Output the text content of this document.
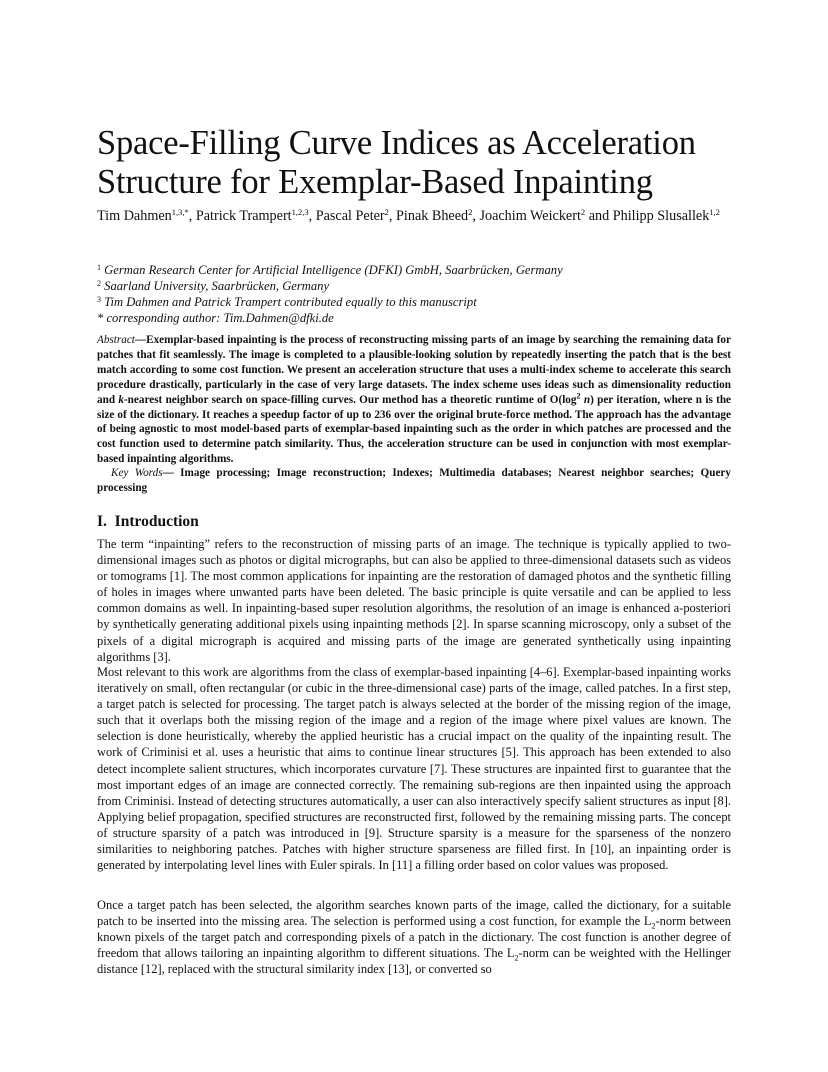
Space-Filling Curve Indices as Acceleration Structure for Exemplar-Based Inpainting
Tim Dahmen$^{1,3,*}$, Patrick Trampert$^{1,2,3}$, Pascal Peter$^2$, Pinak Bheed$^2$, Joachim Weickert$^2$ and Philipp Slusallek$^{1,2}$
$^1$ German Research Center for Artificial Intelligence (DFKI) GmbH, Saarbrücken, Germany
$^2$ Saarland University, Saarbrücken, Germany
$^3$ Tim Dahmen and Patrick Trampert contributed equally to this manuscript
* corresponding author: Tim.Dahmen@dfki.de
Abstract—Exemplar-based inpainting is the process of reconstructing missing parts of an image by searching the remaining data for patches that fit seamlessly. The image is completed to a plausible-looking solution by repeatedly inserting the patch that is the best match according to some cost function. We present an acceleration structure that uses a multi-index scheme to accelerate this search procedure drastically, particularly in the case of very large datasets. The index scheme uses ideas such as dimensionality reduction and k-nearest neighbor search on space-filling curves. Our method has a theoretic runtime of $O(\log^2$ n) per iteration, where n is the size of the dictionary. It reaches a speedup factor of up to 236 over the original brute-force method. The approach has the advantage of being agnostic to most model-based parts of exemplar-based inpainting such as the order in which patches are processed and the cost function used to determine patch similarity. Thus, the acceleration structure can be used in conjunction with most exemplar-based inpainting algorithms.
Key Words— Image processing; Image reconstruction; Indexes; Multimedia databases; Nearest neighbor searches; Query processing
I. Introduction

The term “inpainting” refers to the reconstruction of missing parts of an image. The technique is typically applied to two-dimensional images such as photos or digital micrographs, but can also be applied to three-dimensional datasets such as videos or tomograms [1]. The most common applications for inpainting are the restoration of damaged photos and the synthetic filling of holes in images where unwanted parts have been deleted. The basic principle is quite versatile and can be applied to less common domains as well. In inpainting-based super resolution algorithms, the resolution of an image is enhanced a-posteriori by synthetically generating additional pixels using inpainting methods [2]. In sparse scanning microscopy, only a subset of the pixels of a digital micrograph is acquired and missing parts of the image are generated synthetically using inpainting algorithms [3].

Most relevant to this work are algorithms from the class of exemplar-based inpainting [4–6]. Exemplar-based inpainting works iteratively on small, often rectangular (or cubic in the three-dimensional case) parts of the image, called patches. In a first step, a target patch is selected for processing. The target patch is always selected at the border of the missing region of the image, such that it overlaps both the missing region of the image and a region of the image where pixel values are known. The selection is done heuristically, whereby the applied heuristic has a crucial impact on the quality of the inpainting result. The work of Criminisi et al. uses a heuristic that aims to continue linear structures [5]. This approach has been extended to also detect incomplete salient structures, which incorporates curvature [7]. These structures are inpainted first to guarantee that the most important edges of an image are connected correctly. The remaining sub-regions are then inpainted using the approach from Criminisi. Instead of detecting structures automatically, a user can also interactively specify salient structures as input [8]. Applying belief propagation, specified structures are reconstructed first, followed by the remaining missing parts. The concept of structure sparsity of a patch was introduced in [9]. Structure sparsity is a measure for the sparseness of the nonzero similarities to neighboring patches. Patches with higher structure sparseness are filled first. In [10], an inpainting order is generated by interpolating level lines with Euler spirals. In [11] a filling order based on color values was proposed.

Once a target patch has been selected, the algorithm searches known parts of the image, called the dictionary, for a suitable patch to be inserted into the missing area. The selection is performed using a cost function, for example the $L_2$-norm between known pixels of the target patch and corresponding pixels of a patch in the dictionary. The cost function is another degree of freedom that allows tailoring an inpainting algorithm to different situations. The $L_2$-norm can be weighted with the Hellinger distance [12], replaced with the structural similarity index [13], or converted so
